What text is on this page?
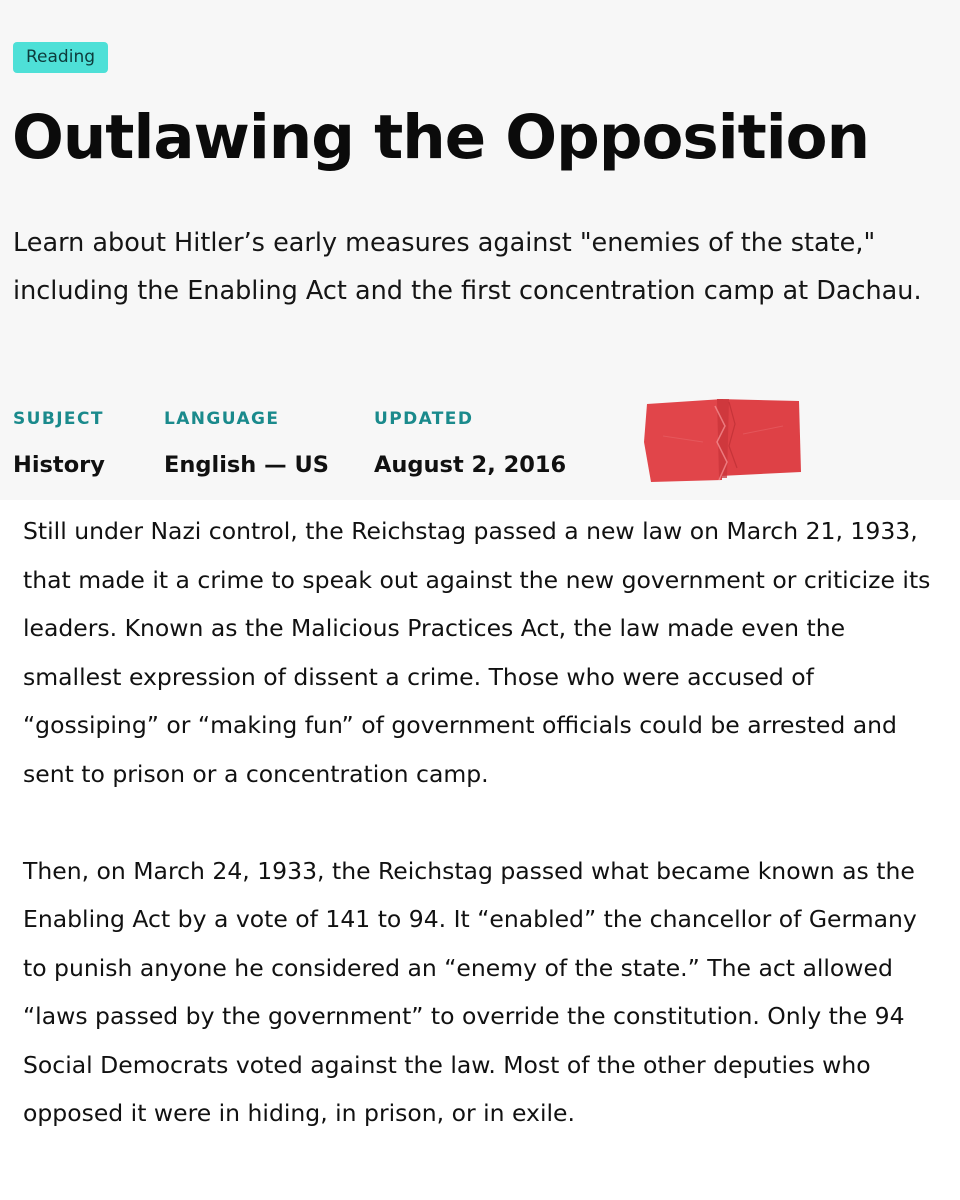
Reading
Outlawing the Opposition

Learn about Hitler’s early measures against "enemies of the state," including the Enabling Act and the first concentration camp at Dachau.

SUBJECT
History
LANGUAGE
English — US
UPDATED
August 2, 2016

Still under Nazi control, the Reichstag passed a new law on March 21, 1933, that made it a crime to speak out against the new government or criticize its leaders. Known as the Malicious Practices Act, the law made even the smallest expression of dissent a crime. Those who were accused of “gossiping” or “making fun” of government officials could be arrested and sent to prison or a concentration camp.

Then, on March 24, 1933, the Reichstag passed what became known as the Enabling Act by a vote of 141 to 94. It “enabled” the chancellor of Germany to punish anyone he considered an “enemy of the state.” The act allowed “laws passed by the government” to override the constitution. Only the 94 Social Democrats voted against the law. Most of the other deputies who opposed it were in hiding, in prison, or in exile.
